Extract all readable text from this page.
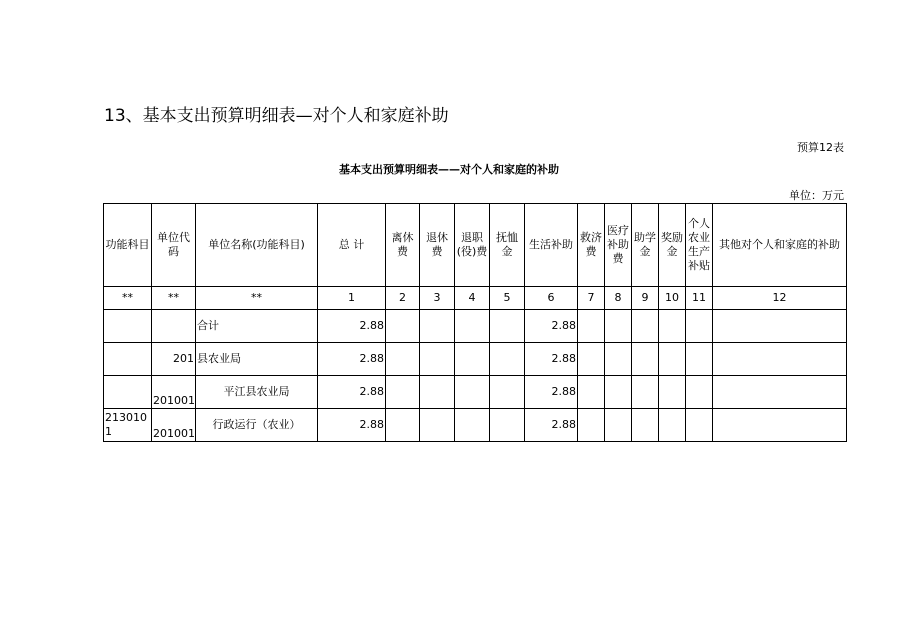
13、基本支出预算明细表—对个人和家庭补助
预算12表
基本支出预算明细表——对个人和家庭的补助
单位：万元
功能科目	单位代码	单位名称(功能科目)	总 计	离休费	退休费	退职(役)费	抚恤金	生活补助	救济费	医疗补助费	助学金	奖励金	个人农业生产补贴	其他对个人和家庭的补助
**	**	**	1	2	3	4	5	6	7	8	9	10	11	12
		合计	2.88					2.88						
	201	县农业局	2.88					2.88						
	201001	平江县农业局	2.88					2.88						
2130101	201001	行政运行（农业）	2.88					2.88						
